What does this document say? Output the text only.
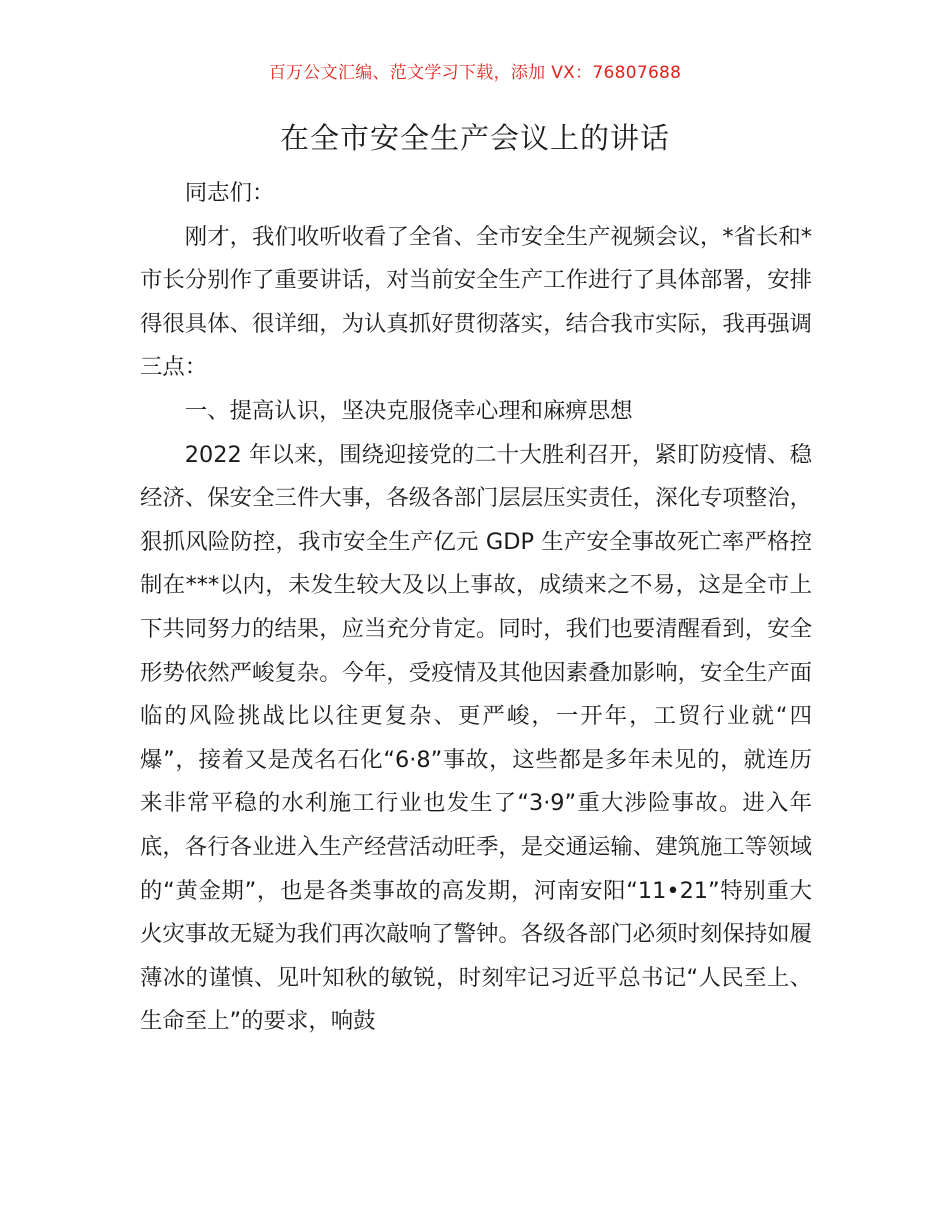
百万公文汇编、范文学习下载，添加 VX：76807688
在全市安全生产会议上的讲话

同志们：

刚才，我们收听收看了全省、全市安全生产视频会议，*省长和*市长分别作了重要讲话，对当前安全生产工作进行了具体部署，安排得很具体、很详细，为认真抓好贯彻落实，结合我市实际，我再强调三点：

一、提高认识，坚决克服侥幸心理和麻痹思想

2022 年以来，围绕迎接党的二十大胜利召开，紧盯防疫情、稳经济、保安全三件大事，各级各部门层层压实责任，深化专项整治，狠抓风险防控，我市安全生产亿元 GDP 生产安全事故死亡率严格控制在***以内，未发生较大及以上事故，成绩来之不易，这是全市上下共同努力的结果，应当充分肯定。同时，我们也要清醒看到，安全形势依然严峻复杂。今年，受疫情及其他因素叠加影响，安全生产面临的风险挑战比以往更复杂、更严峻，一开年，工贸行业就“四爆”，接着又是茂名石化“6·8”事故，这些都是多年未见的，就连历来非常平稳的水利施工行业也发生了“3·9”重大涉险事故。进入年底，各行各业进入生产经营活动旺季，是交通运输、建筑施工等领域的“黄金期”，也是各类事故的高发期，河南安阳“11•21”特别重大火灾事故无疑为我们再次敲响了警钟。各级各部门必须时刻保持如履薄冰的谨慎、见叶知秋的敏锐，时刻牢记习近平总书记“人民至上、生命至上”的要求，响鼓
